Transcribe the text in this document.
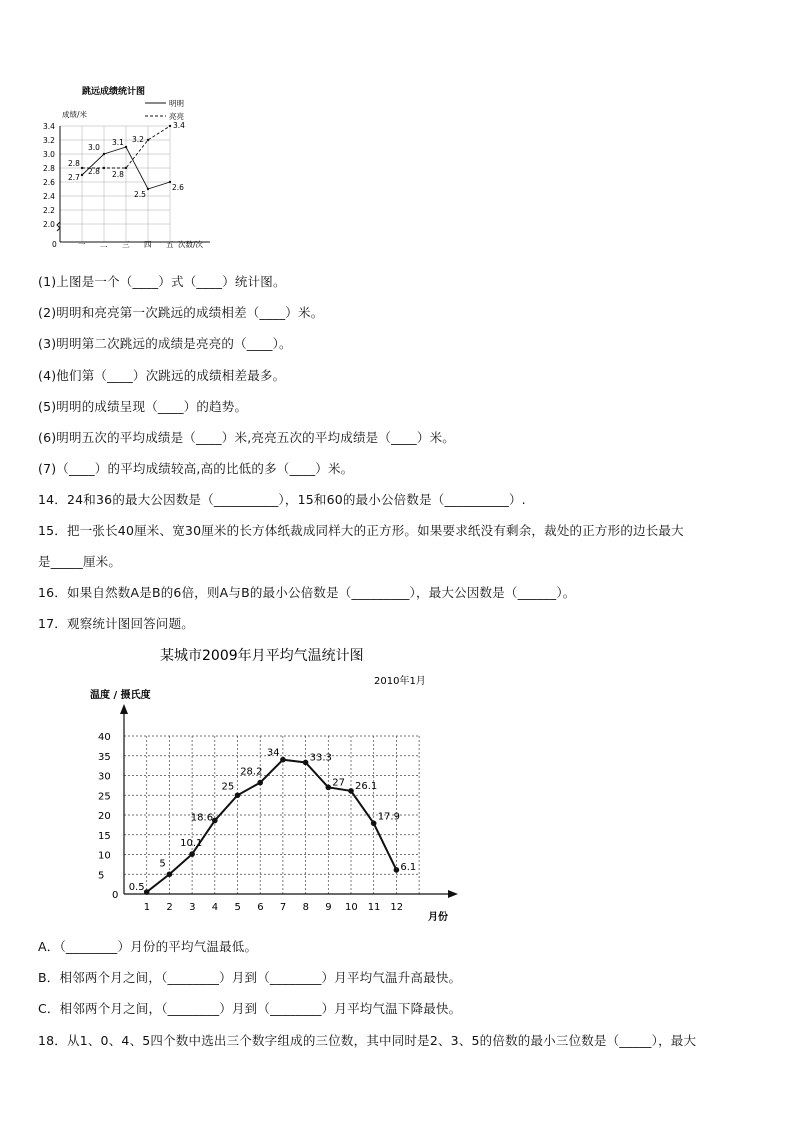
跳远成绩统计图
成绩/米
明明
亮亮
2.0
2.2
2.4
2.6
2.8
3.0
3.2
3.4
一 二 三 四 五
0	次数/次
2.7
3.0
3.1
2.5
2.6
2.8
2.8 2.8
3.2
3.4
(1)上图是一个（____）式（____）统计图。
(2)明明和亮亮第一次跳远的成绩相差（____）米。
(3)明明第二次跳远的成绩是亮亮的（____）。
(4)他们第（____）次跳远的成绩相差最多。
(5)明明的成绩呈现（____）的趋势。
(6)明明五次的平均成绩是（____）米,亮亮五次的平均成绩是（____）米。
(7)（____）的平均成绩较高,高的比低的多（____）米。
14．24和36的最大公因数是（__________），15和60的最小公倍数是（__________）.
15．把一张长40厘米、宽30厘米的长方体纸裁成同样大的正方形。如果要求纸没有剩余，裁处的正方形的边长最大
是_____厘米。
16．如果自然数A是B的6倍，则A与B的最小公倍数是（_________），最大公因数是（______）。
17．观察统计图回答问题。
某城市2009年月平均气温统计图
2010年1月
温度 / 摄氏度
5
10
15
20
25
30
35
40
1 2 3 4 5 6 7 8 9 10 11 12
0
月份
0.5
5
10.1
18.6
25
28.2
34	33.3
27 26.1
17.9
6.1
A．（________）月份的平均气温最低。
B．相邻两个月之间，（________）月到（________）月平均气温升高最快。
C．相邻两个月之间，（________）月到（________）月平均气温下降最快。
18．从1、0、4、5四个数中选出三个数字组成的三位数，其中同时是2、3、5的倍数的最小三位数是（_____），最大
